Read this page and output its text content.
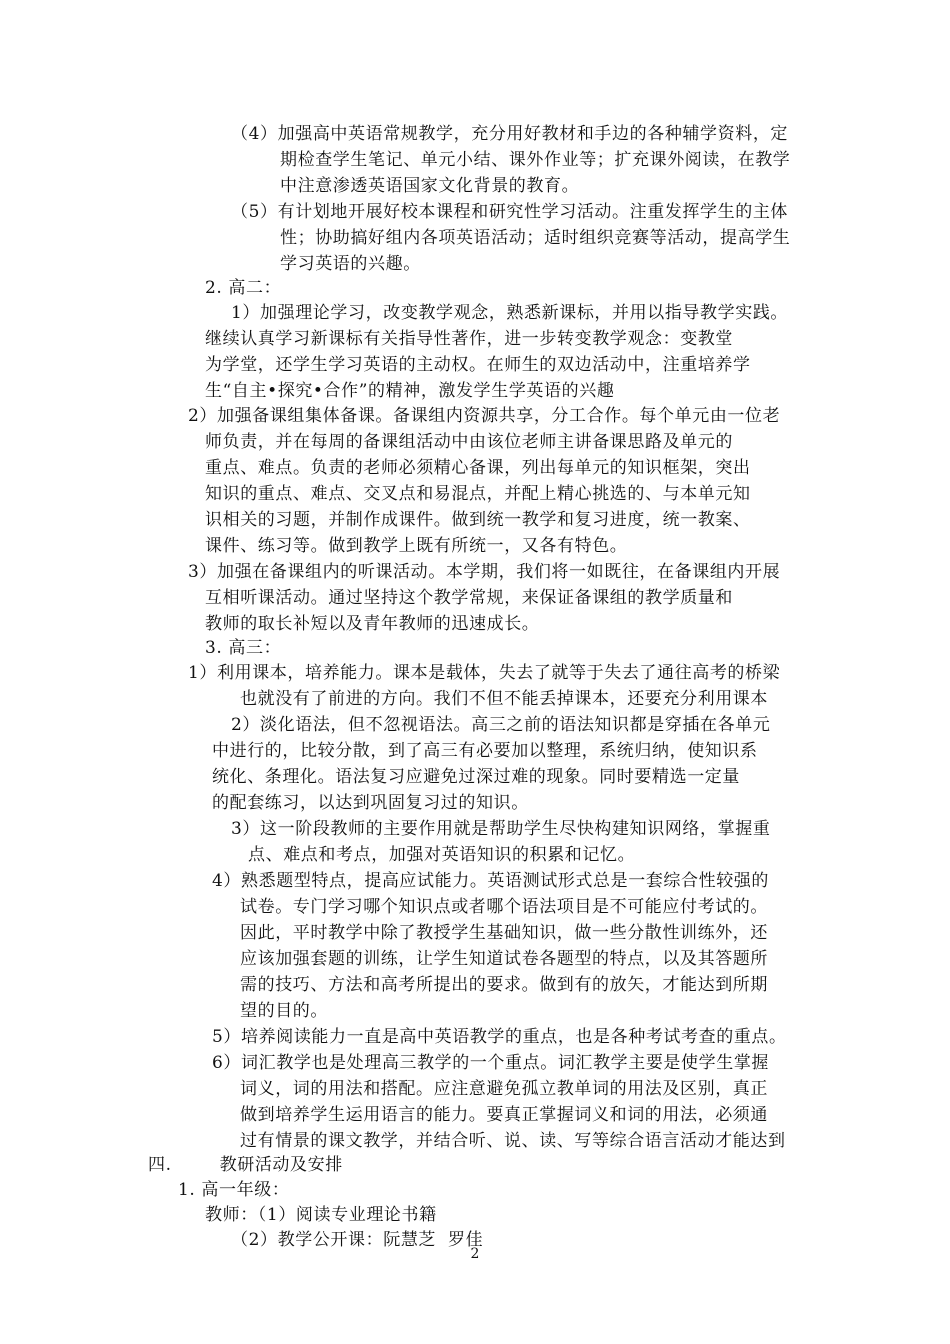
（4）加强高中英语常规教学，充分用好教材和手边的各种辅学资料，定
期检查学生笔记、单元小结、课外作业等；扩充课外阅读，在教学
中注意渗透英语国家文化背景的教育。
（5）有计划地开展好校本课程和研究性学习活动。注重发挥学生的主体
性；协助搞好组内各项英语活动；适时组织竞赛等活动，提高学生
学习英语的兴趣。
2. 高二：
1）加强理论学习，改变教学观念，熟悉新课标，并用以指导教学实践。
继续认真学习新课标有关指导性著作，进一步转变教学观念：变教堂
为学堂，还学生学习英语的主动权。在师生的双边活动中，注重培养学
生“自主•探究•合作”的精神，激发学生学英语的兴趣
2）加强备课组集体备课。备课组内资源共享，分工合作。每个单元由一位老
师负责，并在每周的备课组活动中由该位老师主讲备课思路及单元的
重点、难点。负责的老师必须精心备课，列出每单元的知识框架，突出
知识的重点、难点、交叉点和易混点，并配上精心挑选的、与本单元知
识相关的习题，并制作成课件。做到统一教学和复习进度，统一教案、
课件、练习等。做到教学上既有所统一，又各有特色。
3）加强在备课组内的听课活动。本学期，我们将一如既往，在备课组内开展
互相听课活动。通过坚持这个教学常规，来保证备课组的教学质量和
教师的取长补短以及青年教师的迅速成长。
3. 高三：
1）利用课本，培养能力。课本是载体，失去了就等于失去了通往高考的桥梁
也就没有了前进的方向。我们不但不能丢掉课本，还要充分利用课本
2）淡化语法，但不忽视语法。高三之前的语法知识都是穿插在各单元
中进行的，比较分散，到了高三有必要加以整理，系统归纳，使知识系
统化、条理化。语法复习应避免过深过难的现象。同时要精选一定量
的配套练习，以达到巩固复习过的知识。
3）这一阶段教师的主要作用就是帮助学生尽快构建知识网络，掌握重
点、难点和考点，加强对英语知识的积累和记忆。
4）熟悉题型特点，提高应试能力。英语测试形式总是一套综合性较强的
试卷。专门学习哪个知识点或者哪个语法项目是不可能应付考试的。
因此，平时教学中除了教授学生基础知识，做一些分散性训练外，还
应该加强套题的训练，让学生知道试卷各题型的特点，以及其答题所
需的技巧、方法和高考所提出的要求。做到有的放矢，才能达到所期
望的目的。
5）培养阅读能力一直是高中英语教学的重点，也是各种考试考查的重点。
6）词汇教学也是处理高三教学的一个重点。词汇教学主要是使学生掌握
词义，词的用法和搭配。应注意避免孤立教单词的用法及区别，真正
做到培养学生运用语言的能力。要真正掌握词义和词的用法，必须通
过有情景的课文教学，并结合听、说、读、写等综合语言活动才能达到
四.        教研活动及安排
1. 高一年级：
教师：（1）阅读专业理论书籍
（2）教学公开课：阮慧芝  罗佳
2
